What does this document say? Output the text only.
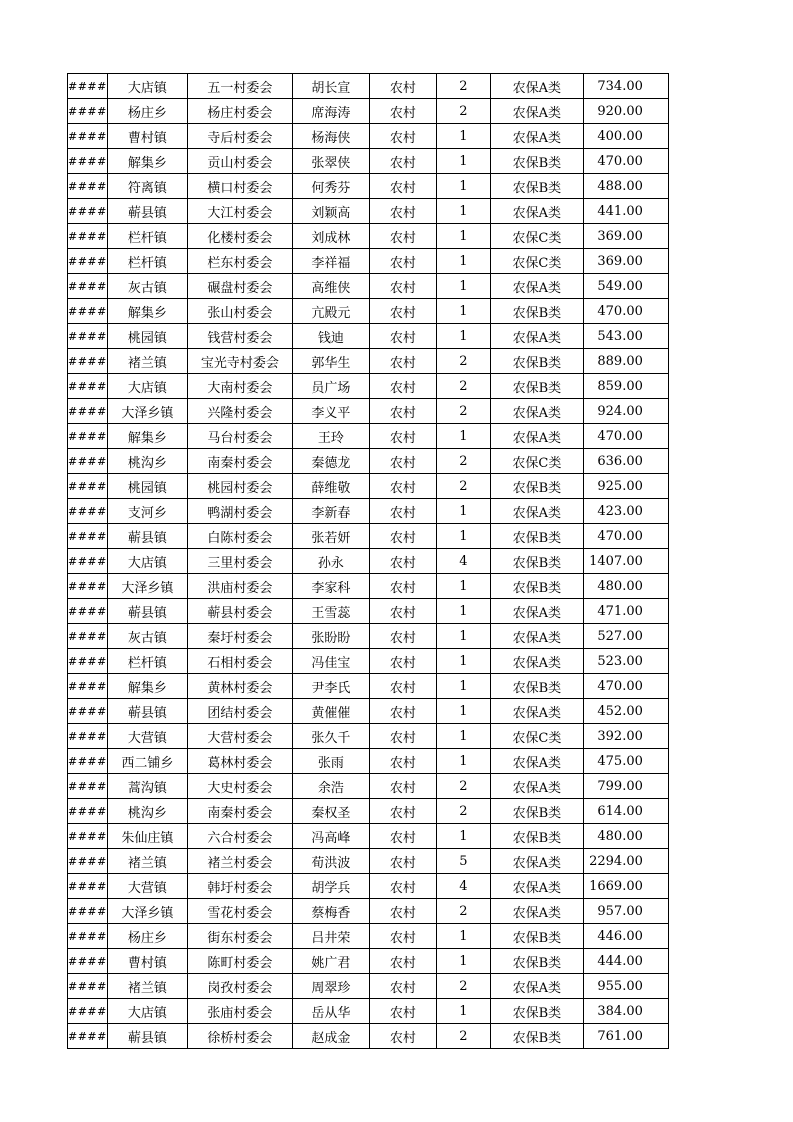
####	大店镇	五一村委会	胡长宣	农村	2	农保A类	734.00
####	杨庄乡	杨庄村委会	席海涛	农村	2	农保A类	920.00
####	曹村镇	寺后村委会	杨海侠	农村	1	农保A类	400.00
####	解集乡	贡山村委会	张翠侠	农村	1	农保B类	470.00
####	符离镇	横口村委会	何秀芬	农村	1	农保B类	488.00
####	蕲县镇	大江村委会	刘颖高	农村	1	农保A类	441.00
####	栏杆镇	化楼村委会	刘成林	农村	1	农保C类	369.00
####	栏杆镇	栏东村委会	李祥福	农村	1	农保C类	369.00
####	灰古镇	碾盘村委会	高维侠	农村	1	农保A类	549.00
####	解集乡	张山村委会	亢殿元	农村	1	农保B类	470.00
####	桃园镇	钱营村委会	钱迪	农村	1	农保A类	543.00
####	褚兰镇	宝光寺村委会	郭华生	农村	2	农保B类	889.00
####	大店镇	大南村委会	员广场	农村	2	农保B类	859.00
####	大泽乡镇	兴隆村委会	李义平	农村	2	农保A类	924.00
####	解集乡	马台村委会	王玲	农村	1	农保A类	470.00
####	桃沟乡	南秦村委会	秦德龙	农村	2	农保C类	636.00
####	桃园镇	桃园村委会	薛维敬	农村	2	农保B类	925.00
####	支河乡	鸭湖村委会	李新春	农村	1	农保A类	423.00
####	蕲县镇	白陈村委会	张若妍	农村	1	农保B类	470.00
####	大店镇	三里村委会	孙永	农村	4	农保B类	1407.00
####	大泽乡镇	洪庙村委会	李家科	农村	1	农保B类	480.00
####	蕲县镇	蕲县村委会	王雪蕊	农村	1	农保A类	471.00
####	灰古镇	秦圩村委会	张盼盼	农村	1	农保A类	527.00
####	栏杆镇	石相村委会	冯佳宝	农村	1	农保A类	523.00
####	解集乡	黄林村委会	尹李氏	农村	1	农保B类	470.00
####	蕲县镇	团结村委会	黄催催	农村	1	农保A类	452.00
####	大营镇	大营村委会	张久千	农村	1	农保C类	392.00
####	西二铺乡	葛林村委会	张雨	农村	1	农保A类	475.00
####	蒿沟镇	大史村委会	余浩	农村	2	农保A类	799.00
####	桃沟乡	南秦村委会	秦权圣	农村	2	农保B类	614.00
####	朱仙庄镇	六合村委会	冯高峰	农村	1	农保B类	480.00
####	褚兰镇	褚兰村委会	荀洪波	农村	5	农保A类	2294.00
####	大营镇	韩圩村委会	胡学兵	农村	4	农保A类	1669.00
####	大泽乡镇	雪花村委会	蔡梅香	农村	2	农保A类	957.00
####	杨庄乡	街东村委会	吕井荣	农村	1	农保B类	446.00
####	曹村镇	陈町村委会	姚广君	农村	1	农保B类	444.00
####	褚兰镇	岗孜村委会	周翠珍	农村	2	农保A类	955.00
####	大店镇	张庙村委会	岳从华	农村	1	农保B类	384.00
####	蕲县镇	徐桥村委会	赵成金	农村	2	农保B类	761.00
